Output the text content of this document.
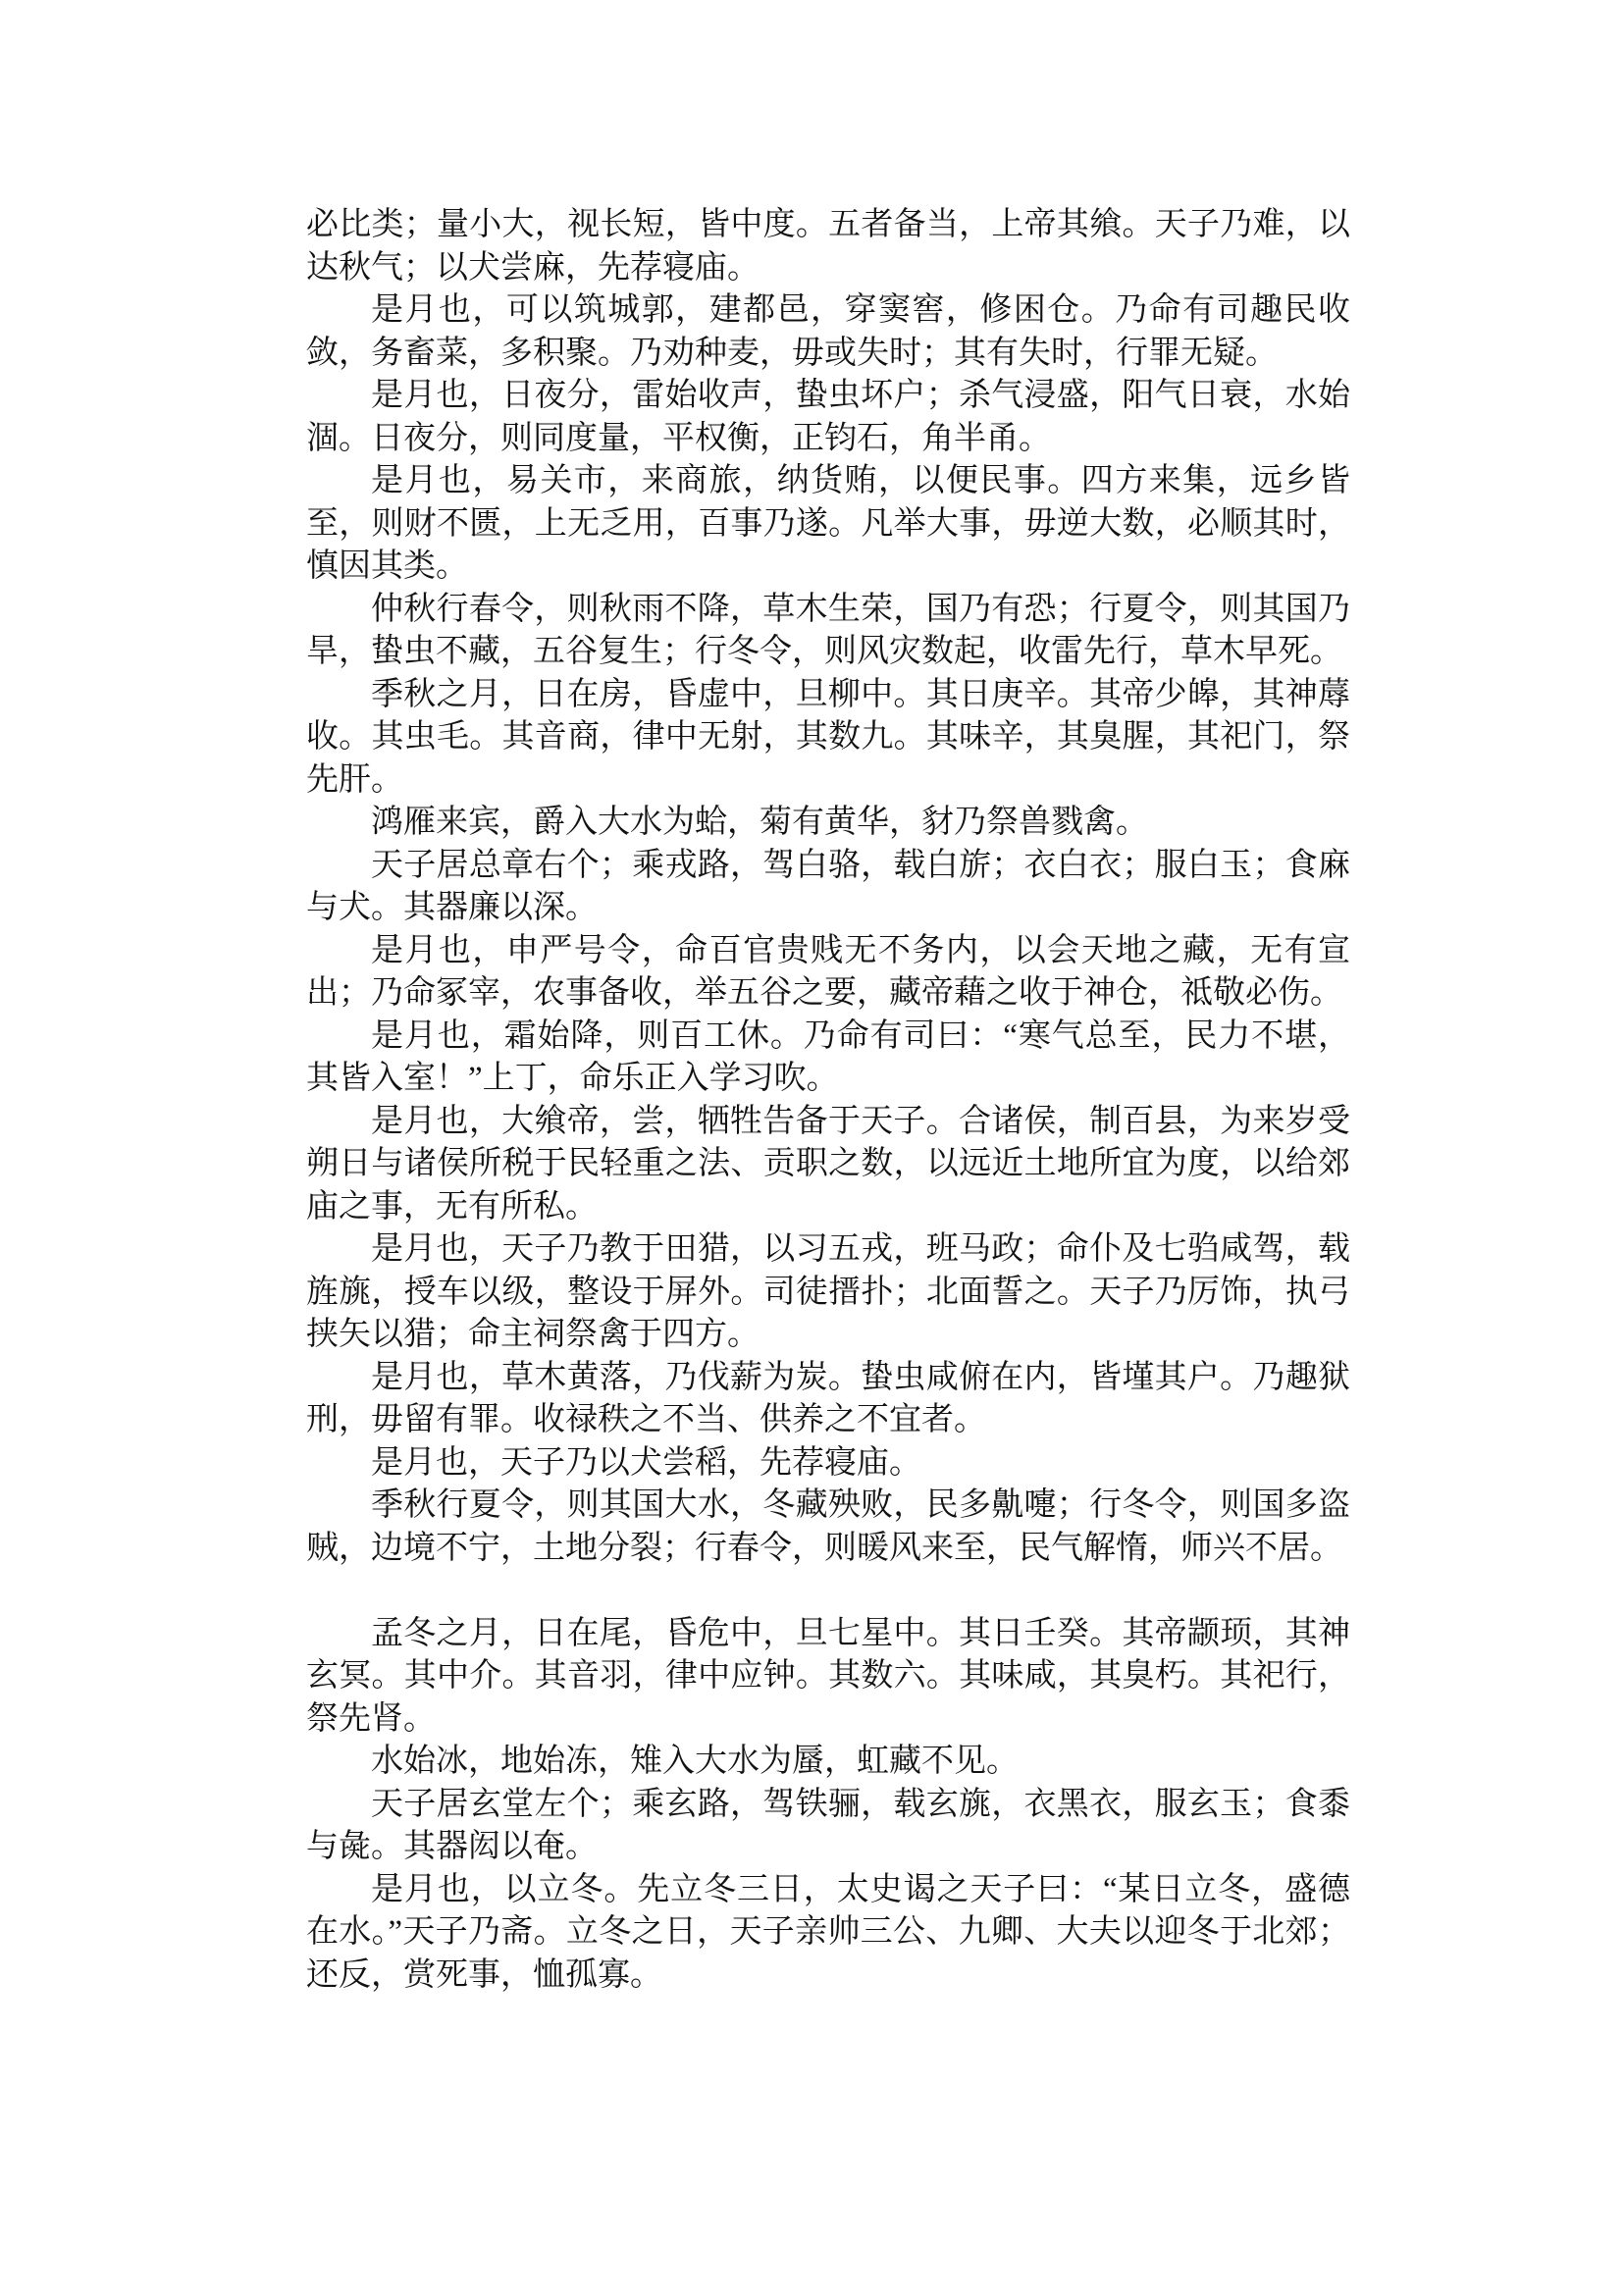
必比类；量小大，视长短，皆中度。五者备当，上帝其飨。天子乃难，以达秋气；以犬尝麻，先荐寝庙。

是月也，可以筑城郭，建都邑，穿窦窖，修困仓。乃命有司趣民收敛，务畜菜，多积聚。乃劝种麦，毋或失时；其有失时，行罪无疑。

是月也，日夜分，雷始收声，蛰虫坏户；杀气浸盛，阳气日衰，水始涸。日夜分，则同度量，平权衡，正钧石，角半甬。

是月也，易关市，来商旅，纳货贿，以便民事。四方来集，远乡皆至，则财不匮，上无乏用，百事乃遂。凡举大事，毋逆大数，必顺其时，慎因其类。

仲秋行春令，则秋雨不降，草木生荣，国乃有恐；行夏令，则其国乃旱，蛰虫不藏，五谷复生；行冬令，则风灾数起，收雷先行，草木早死。

季秋之月，日在房，昏虚中，旦柳中。其日庚辛。其帝少皞，其神蓐收。其虫毛。其音商，律中无射，其数九。其味辛，其臭腥，其祀门，祭先肝。

鸿雁来宾，爵入大水为蛤，菊有黄华，豺乃祭兽戮禽。

天子居总章右个；乘戎路，驾白骆，载白旂；衣白衣；服白玉；食麻与犬。其器廉以深。

是月也，申严号令，命百官贵贱无不务内，以会天地之藏，无有宣出；乃命冢宰，农事备收，举五谷之要，藏帝藉之收于神仓，祗敬必伤。

是月也，霜始降，则百工休。乃命有司曰：“寒气总至，民力不堪，其皆入室！”上丁，命乐正入学习吹。

是月也，大飨帝，尝，牺牲告备于天子。合诸侯，制百县，为来岁受朔日与诸侯所税于民轻重之法、贡职之数，以远近土地所宜为度，以给郊庙之事，无有所私。

是月也，天子乃教于田猎，以习五戎，班马政；命仆及七驺咸驾，载旌旐，授车以级，整设于屏外。司徒搢扑；北面誓之。天子乃厉饰，执弓挟矢以猎；命主祠祭禽于四方。

是月也，草木黄落，乃伐薪为炭。蛰虫咸俯在内，皆墐其户。乃趣狱刑，毋留有罪。收禄秩之不当、供养之不宜者。

是月也，天子乃以犬尝稻，先荐寝庙。

季秋行夏令，则其国大水，冬藏殃败，民多鼽嚏；行冬令，则国多盗贼，边境不宁，土地分裂；行春令，则暖风来至，民气解惰，师兴不居。

孟冬之月，日在尾，昏危中，旦七星中。其日壬癸。其帝颛顼，其神玄冥。其中介。其音羽，律中应钟。其数六。其味咸，其臭朽。其祀行，祭先肾。

水始冰，地始冻，雉入大水为蜃，虹藏不见。

天子居玄堂左个；乘玄路，驾铁骊，载玄旐，衣黑衣，服玄玉；食黍与彘。其器闳以奄。

是月也，以立冬。先立冬三日，太史谒之天子曰：“某日立冬，盛德在水。”天子乃斋。立冬之日，天子亲帅三公、九卿、大夫以迎冬于北郊；还反，赏死事，恤孤寡。
